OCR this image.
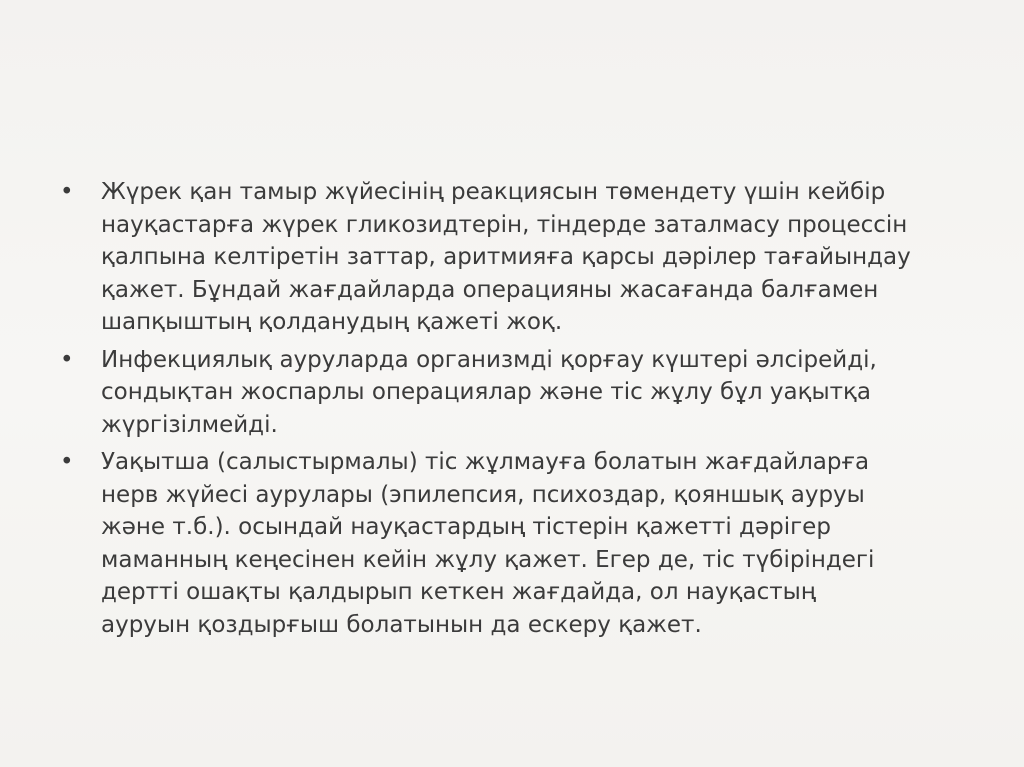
• Жүрек қан тамыр жүйесінің реакциясын төмендету үшін кейбір
науқастарға жүрек гликозидтерін, тіндерде заталмасу процессін
қалпына келтіретін заттар, аритмияға қарсы дәрілер тағайындау
қажет. Бұндай жағдайларда операцияны жасағанда балғамен
шапқыштың қолданудың қажеті жоқ.
• Инфекциялық ауруларда организмді қорғау күштері әлсірейді,
сондықтан жоспарлы операциялар және тіс жұлу бұл уақытқа
жүргізілмейді.
• Уақытша (салыстырмалы) тіс жұлмауға болатын жағдайларға
нерв жүйесі аурулары (эпилепсия, психоздар, қояншық ауруы
және т.б.). осындай науқастардың тістерін қажетті дәрігер
маманның кеңесінен кейін жұлу қажет. Егер де, тіс түбіріндегі
дертті ошақты қалдырып кеткен жағдайда, ол науқастың
ауруын қоздырғыш болатынын да ескеру қажет.
